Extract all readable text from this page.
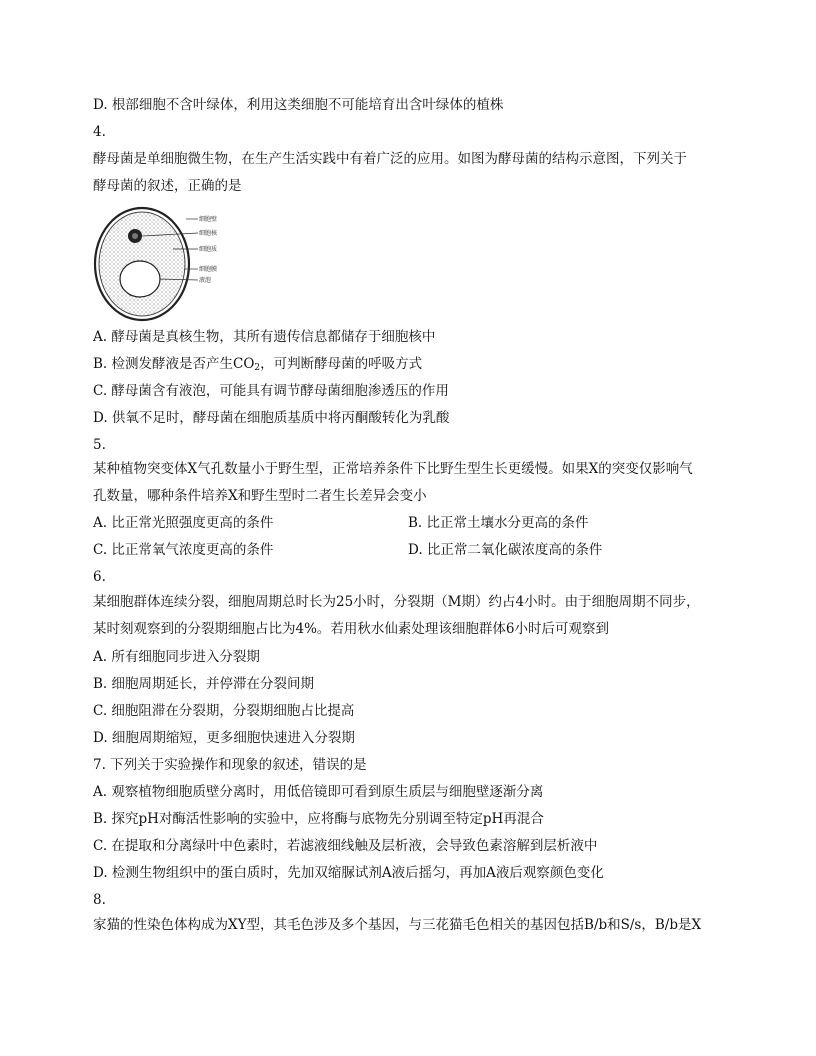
D. 根部细胞不含叶绿体，利用这类细胞不可能培育出含叶绿体的植株
4.
酵母菌是单细胞微生物，在生产生活实践中有着广泛的应用。如图为酵母菌的结构示意图，下列关于
酵母菌的叙述，正确的是
细胞壁
细胞核
细胞质
细胞膜
液泡
A. 酵母菌是真核生物，其所有遗传信息都储存于细胞核中
B. 检测发酵液是否产生$CO_2$，可判断酵母菌的呼吸方式
C. 酵母菌含有液泡，可能具有调节酵母菌细胞渗透压的作用
D. 供氧不足时，酵母菌在细胞质基质中将丙酮酸转化为乳酸
5.
某种植物突变体X气孔数量小于野生型，正常培养条件下比野生型生长更缓慢。如果X的突变仅影响气
孔数量，哪种条件培养X和野生型时二者生长差异会变小
A. 比正常光照强度更高的条件	B. 比正常土壤水分更高的条件
C. 比正常氧气浓度更高的条件	D. 比正常二氧化碳浓度高的条件
6.
某细胞群体连续分裂，细胞周期总时长为25小时，分裂期（M期）约占4小时。由于细胞周期不同步，
某时刻观察到的分裂期细胞占比为4%。若用秋水仙素处理该细胞群体6小时后可观察到
A. 所有细胞同步进入分裂期
B. 细胞周期延长，并停滞在分裂间期
C. 细胞阻滞在分裂期，分裂期细胞占比提高
D. 细胞周期缩短，更多细胞快速进入分裂期
7. 下列关于实验操作和现象的叙述，错误的是
A. 观察植物细胞质壁分离时，用低倍镜即可看到原生质层与细胞壁逐渐分离
B. 探究pH对酶活性影响的实验中，应将酶与底物先分别调至特定pH再混合
C. 在提取和分离绿叶中色素时，若滤液细线触及层析液，会导致色素溶解到层析液中
D. 检测生物组织中的蛋白质时，先加双缩脲试剂A液后摇匀，再加A液后观察颜色变化
8.
家猫的性染色体构成为XY型，其毛色涉及多个基因，与三花猫毛色相关的基因包括B/b和S/s，B/b是X
